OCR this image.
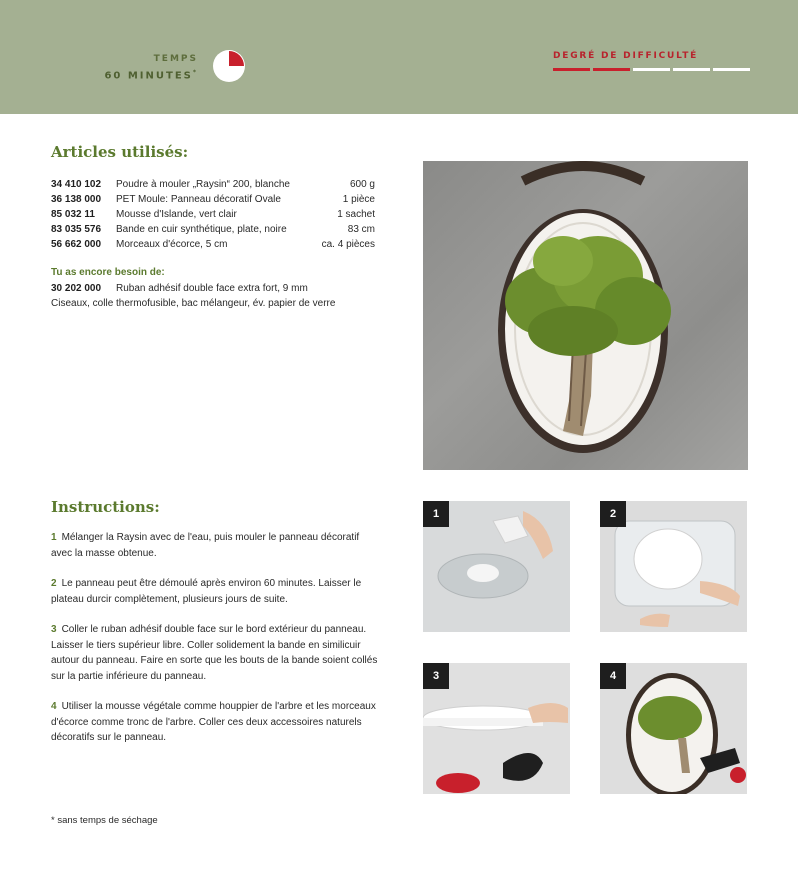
TEMPS
60 MINUTES*
DEGRÉ DE DIFFICULTÉ
Articles utilisés:
34 410 102	Poudre à mouler „Raysin“ 200, blanche	600 g
36 138 000	PET Moule: Panneau décoratif Ovale	1 pièce
85 032 11	Mousse d'Islande, vert clair	1 sachet
83 035 576	Bande en cuir synthétique, plate, noire	83 cm
56 662 000	Morceaux d'écorce, 5 cm	ca. 4 pièces
Tu as encore besoin de:
30 202 000	Ruban adhésif double face extra fort, 9 mm
Ciseaux, colle thermofusible, bac mélangeur, év. papier de verre
Instructions:

1 Mélanger la Raysin avec de l'eau, puis mouler le panneau décoratif avec la masse obtenue.

2 Le panneau peut être démoulé après environ 60 minutes. Laisser le plateau durcir complètement, plusieurs jours de suite.

3 Coller le ruban adhésif double face sur le bord extérieur du panneau. Laisser le tiers supérieur libre. Coller solidement la bande en similicuir autour du panneau. Faire en sorte que les bouts de la bande soient collés sur la partie inférieure du panneau.

4 Utiliser la mousse végétale comme houppier de l'arbre et les morceaux d'écorce comme tronc de l'arbre. Coller ces deux accessoires naturels décoratifs sur le panneau.

* sans temps de séchage
1	2
3	4
